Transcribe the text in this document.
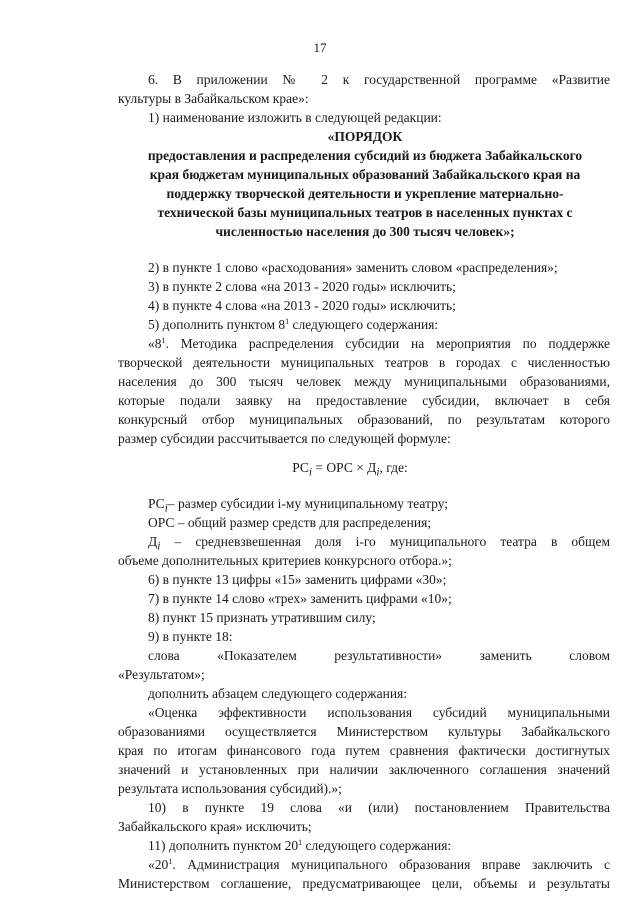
17
6. В приложении № 2 к государственной программе «Развитие
культуры в Забайкальском крае»:
1) наименование изложить в следующей редакции:
«ПОРЯДОК
предоставления и распределения субсидий из бюджета Забайкальского
края бюджетам муниципальных образований Забайкальского края на
поддержку творческой деятельности и укрепление материально-
технической базы муниципальных театров в населенных пунктах с
численностью населения до 300 тысяч человек»;
2) в пункте 1 слово «расходования» заменить словом «распределения»;
3) в пункте 2 слова «на 2013 - 2020 годы» исключить;
4) в пункте 4 слова «на 2013 - 2020 годы» исключить;
5) дополнить пунктом $8^1$ следующего содержания:
«$8^1$. Методика распределения субсидии на мероприятия по поддержке
творческой деятельности муниципальных театров в городах с численностью
населения до 300 тысяч человек между муниципальными образованиями,
которые подали заявку на предоставление субсидии, включает в себя
конкурсный отбор муниципальных образований, по результатам которого
размер субсидии рассчитывается по следующей формуле:
$РС_i$ = ОРС × $Д_i$, где:
$РС_i-$ размер субсидии i-му муниципальному театру;
ОРС – общий размер средств для распределения;
$Д_i$ – средневзвешенная доля i-го муниципального театра в общем
объеме дополнительных критериев конкурсного отбора.»;
6) в пункте 13 цифры «15» заменить цифрами «30»;
7) в пункте 14 слово «трех» заменить цифрами «10»;
8) пункт 15 признать утратившим силу;
9) в пункте 18:
слова	«Показателем	результативности»	заменить	словом
«Результатом»;
дополнить абзацем следующего содержания:
«Оценка эффективности использования субсидий муниципальными
образованиями осуществляется Министерством культуры Забайкальского
края по итогам финансового года путем сравнения фактически достигнутых
значений и установленных при наличии заключенного соглашения значений
результата использования субсидий).»;
10) в пункте 19 слова «и (или) постановлением Правительства
Забайкальского края» исключить;
11) дополнить пунктом $20^1$ следующего содержания:
«$20^1$. Администрация муниципального образования вправе заключить с
Министерством соглашение, предусматривающее цели, объемы и результаты
